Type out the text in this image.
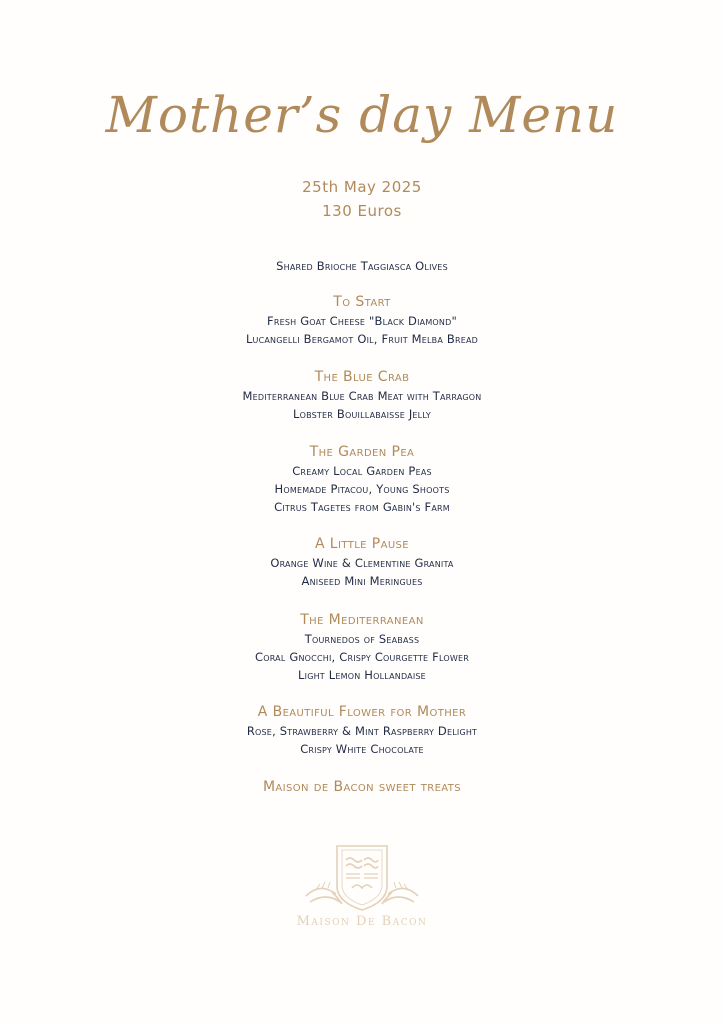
Mother’s day Menu
25th May 2025
130 Euros
Shared Brioche Taggiasca Olives
To Start
Fresh Goat Cheese "Black Diamond"
Lucangelli Bergamot Oil, Fruit Melba Bread
The Blue Crab
Mediterranean Blue Crab Meat with Tarragon
Lobster Bouillabaisse Jelly
The Garden Pea
Creamy Local Garden Peas
Homemade Pitacou, Young Shoots
Citrus Tagetes from Gabin's Farm
A Little Pause
Orange Wine & Clementine Granita
Aniseed Mini Meringues
The Mediterranean
Tournedos of Seabass
Coral Gnocchi, Crispy Courgette Flower
Light Lemon Hollandaise
A Beautiful Flower for Mother
Rose, Strawberry & Mint Raspberry Delight
Crispy White Chocolate
Maison de Bacon sweet treats
Maison De Bacon
